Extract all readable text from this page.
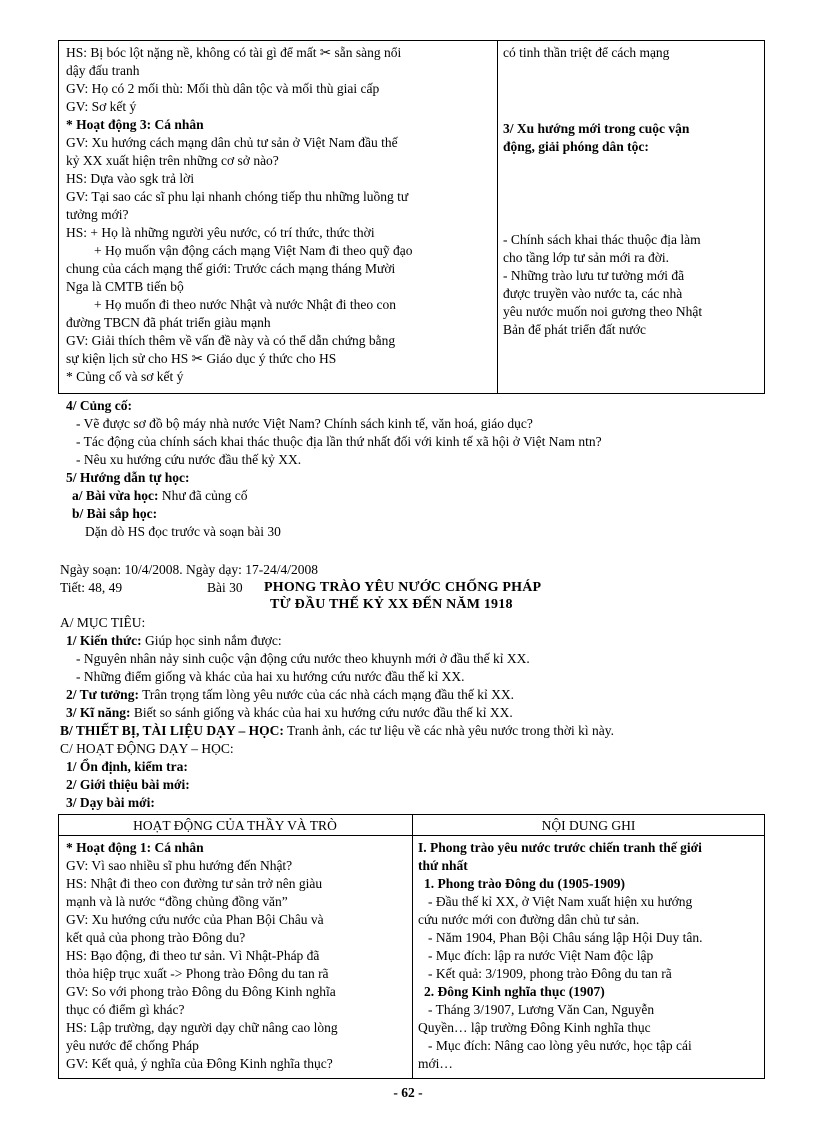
HS: Bị bóc lột nặng nề, không có tài gì để mất ✂ sẵn sàng nổi
dậy đấu tranh
GV: Họ có 2 mối thù: Mối thù dân tộc và mối thù giai cấp
GV: Sơ kết ý
* Hoạt động 3: Cá nhân
GV: Xu hướng cách mạng dân chủ tư sản ở Việt Nam đầu thế
kỷ XX xuất hiện trên những cơ sở nào?
HS: Dựa vào sgk trả lời
GV: Tại sao các sĩ phu lại nhanh chóng tiếp thu những luồng tư
tưởng mới?
HS: + Họ là những người yêu nước, có trí thức, thức thời
+ Họ muốn vận động cách mạng Việt Nam đi theo quỹ đạo
chung của cách mạng thế giới: Trước cách mạng tháng Mười
Nga là CMTB tiến bộ
+ Họ muốn đi theo nước Nhật và nước Nhật đi theo con
đường TBCN đã phát triển giàu mạnh
GV: Giải thích thêm về vấn đề này và có thể dẫn chứng bằng
sự kiện lịch sử cho HS ✂ Giáo dục ý thức cho HS
* Củng cố và sơ kết ý
có tinh thần triệt để cách mạng
3/ Xu hướng mới trong cuộc vận
động, giải phóng dân tộc:
- Chính sách khai thác thuộc địa làm
cho tầng lớp tư sản mới ra đời.
- Những trào lưu tư tưởng mới đã
được truyền vào nước ta, các nhà
yêu nước muốn noi gương theo Nhật
Bản để phát triển đất nước
4/ Củng cố:
- Vẽ được sơ đồ bộ máy nhà nước Việt Nam? Chính sách kinh tế, văn hoá, giáo dục?
- Tác động của chính sách khai thác thuộc địa lần thứ nhất đối với kinh tế xã hội ở Việt Nam ntn?
- Nêu xu hướng cứu nước đầu thế kỷ XX.
5/ Hướng dẫn tự học:
a/ Bài vừa học: Như đã củng cố
b/ Bài sắp học:
Dặn dò HS đọc trước và soạn bài 30
Ngày soạn: 10/4/2008. Ngày dạy: 17-24/4/2008
Tiết: 48, 49	Bài 30 PHONG TRÀO YÊU NƯỚC CHỐNG PHÁP
TỪ ĐẦU THẾ KỶ XX ĐẾN NĂM 1918
A/ MỤC TIÊU:
1/ Kiến thức: Giúp học sinh nắm được:
- Nguyên nhân nảy sinh cuộc vận động cứu nước theo khuynh mới ở đầu thế kỉ XX.
- Những điểm giống và khác của hai xu hướng cứu nước đầu thế kỉ XX.
2/ Tư tưởng: Trân trọng tấm lòng yêu nước của các nhà cách mạng đầu thế kỉ XX.
3/ Kĩ năng: Biết so sánh giống và khác của hai xu hướng cứu nước đầu thế kỉ XX.
B/ THIẾT BỊ, TÀI LIỆU DẠY – HỌC: Tranh ảnh, các tư liệu về các nhà yêu nước trong thời kì này.
C/ HOẠT ĐỘNG DẠY – HỌC:
1/ Ổn định, kiểm tra:
2/ Giới thiệu bài mới:
3/ Dạy bài mới:
HOẠT ĐỘNG CỦA THẦY VÀ TRÒ	NỘI DUNG GHI
* Hoạt động 1: Cá nhân
GV: Vì sao nhiều sĩ phu hướng đến Nhật?
HS: Nhật đi theo con đường tư sản trở nên giàu
mạnh và là nước “đồng chủng đồng văn”
GV: Xu hướng cứu nước của Phan Bội Châu và
kết quả của phong trào Đông du?
HS: Bạo động, đi theo tư sản. Vì Nhật-Pháp đã
thỏa hiệp trục xuất -> Phong trào Đông du tan rã
GV: So với phong trào Đông du Đông Kinh nghĩa
thục có điểm gì khác?
HS: Lập trường, dạy người dạy chữ nâng cao lòng
yêu nước để chống Pháp
GV: Kết quả, ý nghĩa của Đông Kinh nghĩa thục?
I. Phong trào yêu nước trước chiến tranh thế giới
thứ nhất
1. Phong trào Đông du (1905-1909)
- Đầu thế kỉ XX, ở Việt Nam xuất hiện xu hướng
cứu nước mới con đường dân chủ tư sản.
- Năm 1904, Phan Bội Châu sáng lập Hội Duy tân.
- Mục đích: lập ra nước Việt Nam độc lập
- Kết quả: 3/1909, phong trào Đông du tan rã
2. Đông Kinh nghĩa thục (1907)
- Tháng 3/1907, Lương Văn Can, Nguyễn
Quyền… lập trường Đông Kinh nghĩa thục
- Mục đích: Nâng cao lòng yêu nước, học tập cái
mới…
- 62 -
